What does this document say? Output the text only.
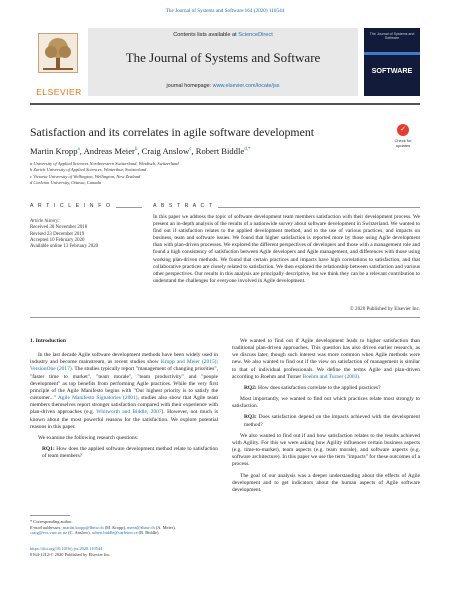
The Journal of Systems and Software 164 (2020) 110544
ELSEVIER
Contents lists available at ScienceDirect
The Journal of Systems and Software
journal homepage: www.elsevier.com/locate/jss
The Journal of Systems and Software
SOFTWARE
Satisfaction and its correlates in agile software development	✓
Check for updates
Martin Kropp$^a$, Andreas Meier$^b$, Craig Anslow$^c$, Robert Biddle$^{d,*}$
a University of Applied Sciences Northwestern Switzerland, Windisch, Switzerland
b Zurich University of Applied Sciences, Winterthur, Switzerland
c Victoria University of Wellington, Wellington, New Zealand
d Carleton University, Ottawa, Canada
A R T I C L E I N F O	A B S T R A C T
Article history:
Received 30 November 2018
Revised 23 December 2019
Accepted 10 February 2020
Available online 13 February 2020
In this paper we address the topic of software development team members satisfaction with their development process. We present an in-depth analysis of the results of a nationwide survey about software development in Switzerland. We wanted to find out if satisfaction relates to the applied development method, and to the use of various practices, and impacts on business, team and software issues. We found that higher satisfaction is reported more by those using Agile development than with plan-driven processes. We explored the different perspectives of developers and those with a management role and found a high consistency of satisfaction between Agile developers and Agile management, and differences with those using working plan-driven methods. We found that certain practices and impacts have high correlations to satisfaction, and that collaborative practices are closely related to satisfaction. We then explored the relationship between satisfaction and various other perspectives. Our results in this analysis are principally descriptive, but we think they can be a relevant contribution to understand the challenges for everyone involved in Agile development.
© 2020 Published by Elsevier Inc.
1. Introduction

In the last decade Agile software development methods have been widely used in industry and become mainstream, as recent studies show Kropp and Meier (2015); VersionOne (2017). The studies typically report "management of changing priorities", "faster time to market", "team morale", "team productivity" and "people development" as top benefits from performing Agile practices. While the very first principle of the Agile Manifesto begins with "Our highest priority is to satisfy the customer..." Agile Manifesto Signatories (2001), studies also show that Agile team members themselves report stronger satisfaction compared with their experience with plan-driven approaches (e.g. Whitworth and Biddle, 2007). However, not much is known about the most powerful reasons for the satisfaction. We explore potential reasons in this paper.

We examine the following research questions:

RQ1: How does the applied software development method relate to satisfaction of team members?

We wanted to find out if Agile development leads to higher satisfaction than traditional plan-driven approaches. This question has also driven earlier research, as we discuss later, though such interest was more common when Agile methods were new. We also wanted to find out if the view on satisfaction of management is similar to that of individual professionals. We define the terms Agile and plan-driven according to Boehm and Turner Boehm and Turner (2003).

RQ2: How does satisfaction correlate to the applied practices?

Most importantly, we wanted to find out which practices relate most strongly to satisfaction.

RQ3: Does satisfaction depend on the impacts achieved with the development method?

We also wanted to find out if and how satisfaction relates to the results achieved with Agility. For this we were asking how Agility influences certain business aspects (e.g. time-to-market), team aspects (e.g. team morale), and software aspects (e.g. software architecture). In this paper we use the term "impacts" for these outcomes of a process.

The goal of our analysis was a deeper understanding about the effects of Agile development and to get indicators about the human aspects of Agile software development.

* Corresponding author.
E-mail addresses: martin.kropp@fhnw.ch (M. Kropp), meea@zhaw.ch (A. Meier),
craig@ecs.vuw.ac.nz (C. Anslow), robert.biddle@carleton.ca (R. Biddle).
https://doi.org/10.1016/j.jss.2020.110544
0164-1212/© 2020 Published by Elsevier Inc.
